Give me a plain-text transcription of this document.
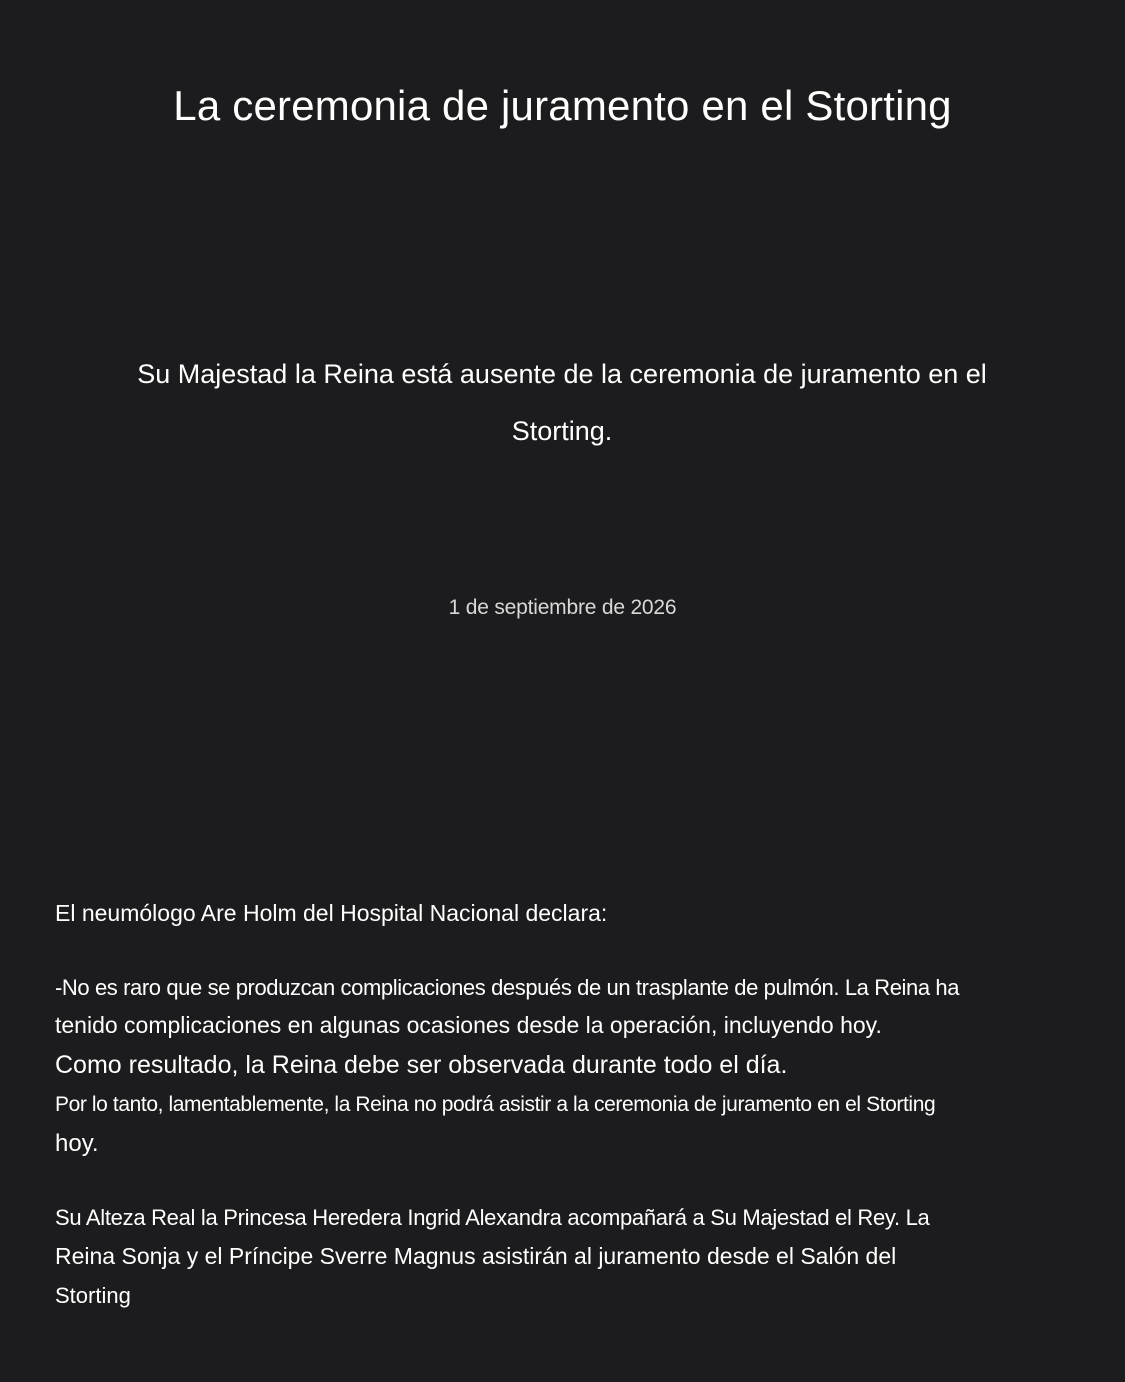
La ceremonia de juramento en el Storting

Su Majestad la Reina está ausente de la ceremonia de juramento en el Storting.

1 de septiembre de 2026

El neumólogo Are Holm del Hospital Nacional declara:

-No es raro que se produzcan complicaciones después de un trasplante de pulmón. La Reina ha

tenido complicaciones en algunas ocasiones desde la operación, incluyendo hoy.

Como resultado, la Reina debe ser observada durante todo el día.

Por lo tanto, lamentablemente, la Reina no podrá asistir a la ceremonia de juramento en el Storting

hoy.

Su Alteza Real la Princesa Heredera Ingrid Alexandra acompañará a Su Majestad el Rey. La

Reina Sonja y el Príncipe Sverre Magnus asistirán al juramento desde el Salón del

Storting
